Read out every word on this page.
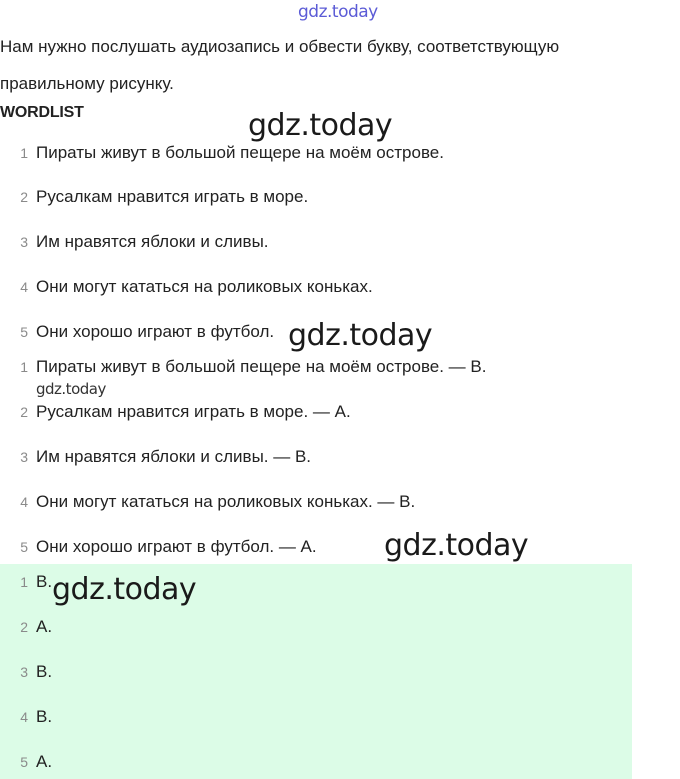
gdz.today

Нам нужно послушать аудиозапись и обвести букву, соответствующую правильному рисунку.

WORDLIST
1 Пираты живут в большой пещере на моём острове.
2 Русалкам нравится играть в море.
3 Им нравятся яблоки и сливы.
4 Они могут кататься на роликовых коньках.
5 Они хорошо играют в футбол.
1 Пираты живут в большой пещере на моём острове. — В.
2 Русалкам нравится играть в море. — А.
3 Им нравятся яблоки и сливы. — В.
4 Они могут кататься на роликовых коньках. — В.
5 Они хорошо играют в футбол. — А.
1 В.
2 А.
3 В.
4 В.
5 А.
gdz.today
gdz.today
gdz.today
gdz.today
gdz.today
